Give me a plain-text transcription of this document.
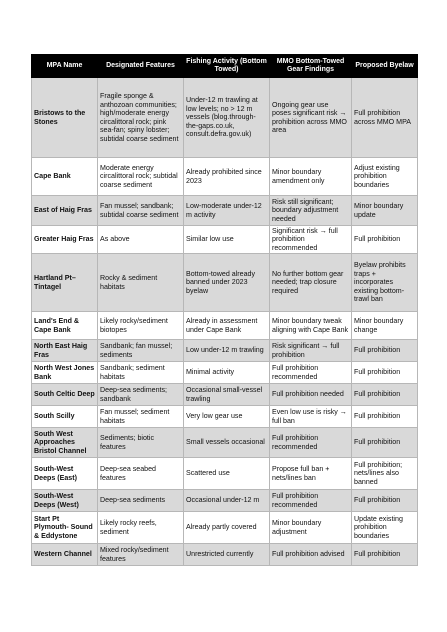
MPA Name	Designated Features	Fishing Activity (Bottom Towed)	MMO Bottom-Towed Gear Findings	Proposed Byelaw
Bristows to the Stones	Fragile sponge & anthozoan communities; high/moderate energy circalittoral rock; pink sea-fan; spiny lobster; subtidal coarse sediment	Under-12 m trawling at low levels; no > 12 m vessels (blog.through-the-gaps.co.uk, consult.defra.gov.uk)	Ongoing gear use poses significant risk → prohibition across MMO area	Full prohibition across MMO MPA
Cape Bank	Moderate energy circalittoral rock; subtidal coarse sediment	Already prohibited since 2023	Minor boundary amendment only	Adjust existing prohibition boundaries
East of Haig Fras	Fan mussel; sandbank; subtidal coarse sediment	Low-moderate under-12 m activity	Risk still significant; boundary adjustment needed	Minor boundary update
Greater Haig Fras	As above	Similar low use	Significant risk → full prohibition recommended	Full prohibition
Hartland Pt–Tintagel	Rocky & sediment habitats	Bottom-towed already banned under 2023 byelaw	No further bottom gear needed; trap closure required	Byelaw prohibits traps + incorporates existing bottom-trawl ban
Land's End & Cape Bank	Likely rocky/sediment biotopes	Already in assessment under Cape Bank	Minor boundary tweak aligning with Cape Bank	Minor boundary change
North East Haig Fras	Sandbank; fan mussel; sediments	Low under-12 m trawling	Risk significant → full prohibition	Full prohibition
North West Jones Bank	Sandbank; sediment habitats	Minimal activity	Full prohibition recommended	Full prohibition
South Celtic Deep	Deep-sea sediments; sandbank	Occasional small-vessel trawling	Full prohibition needed	Full prohibition
South Scilly	Fan mussel; sediment habitats	Very low gear use	Even low use is risky → full ban	Full prohibition
South West Approaches Bristol Channel	Sediments; biotic features	Small vessels occasional	Full prohibition recommended	Full prohibition
South-West Deeps (East)	Deep-sea seabed features	Scattered use	Propose full ban + nets/lines ban	Full prohibition; nets/lines also banned
South-West Deeps (West)	Deep-sea sediments	Occasional under-12 m	Full prohibition recommended	Full prohibition
Start Pt Plymouth- Sound & Eddystone	Likely rocky reefs, sediment	Already partly covered	Minor boundary adjustment	Update existing prohibition boundaries
Western Channel	Mixed rocky/sediment features	Unrestricted currently	Full prohibition advised	Full prohibition
